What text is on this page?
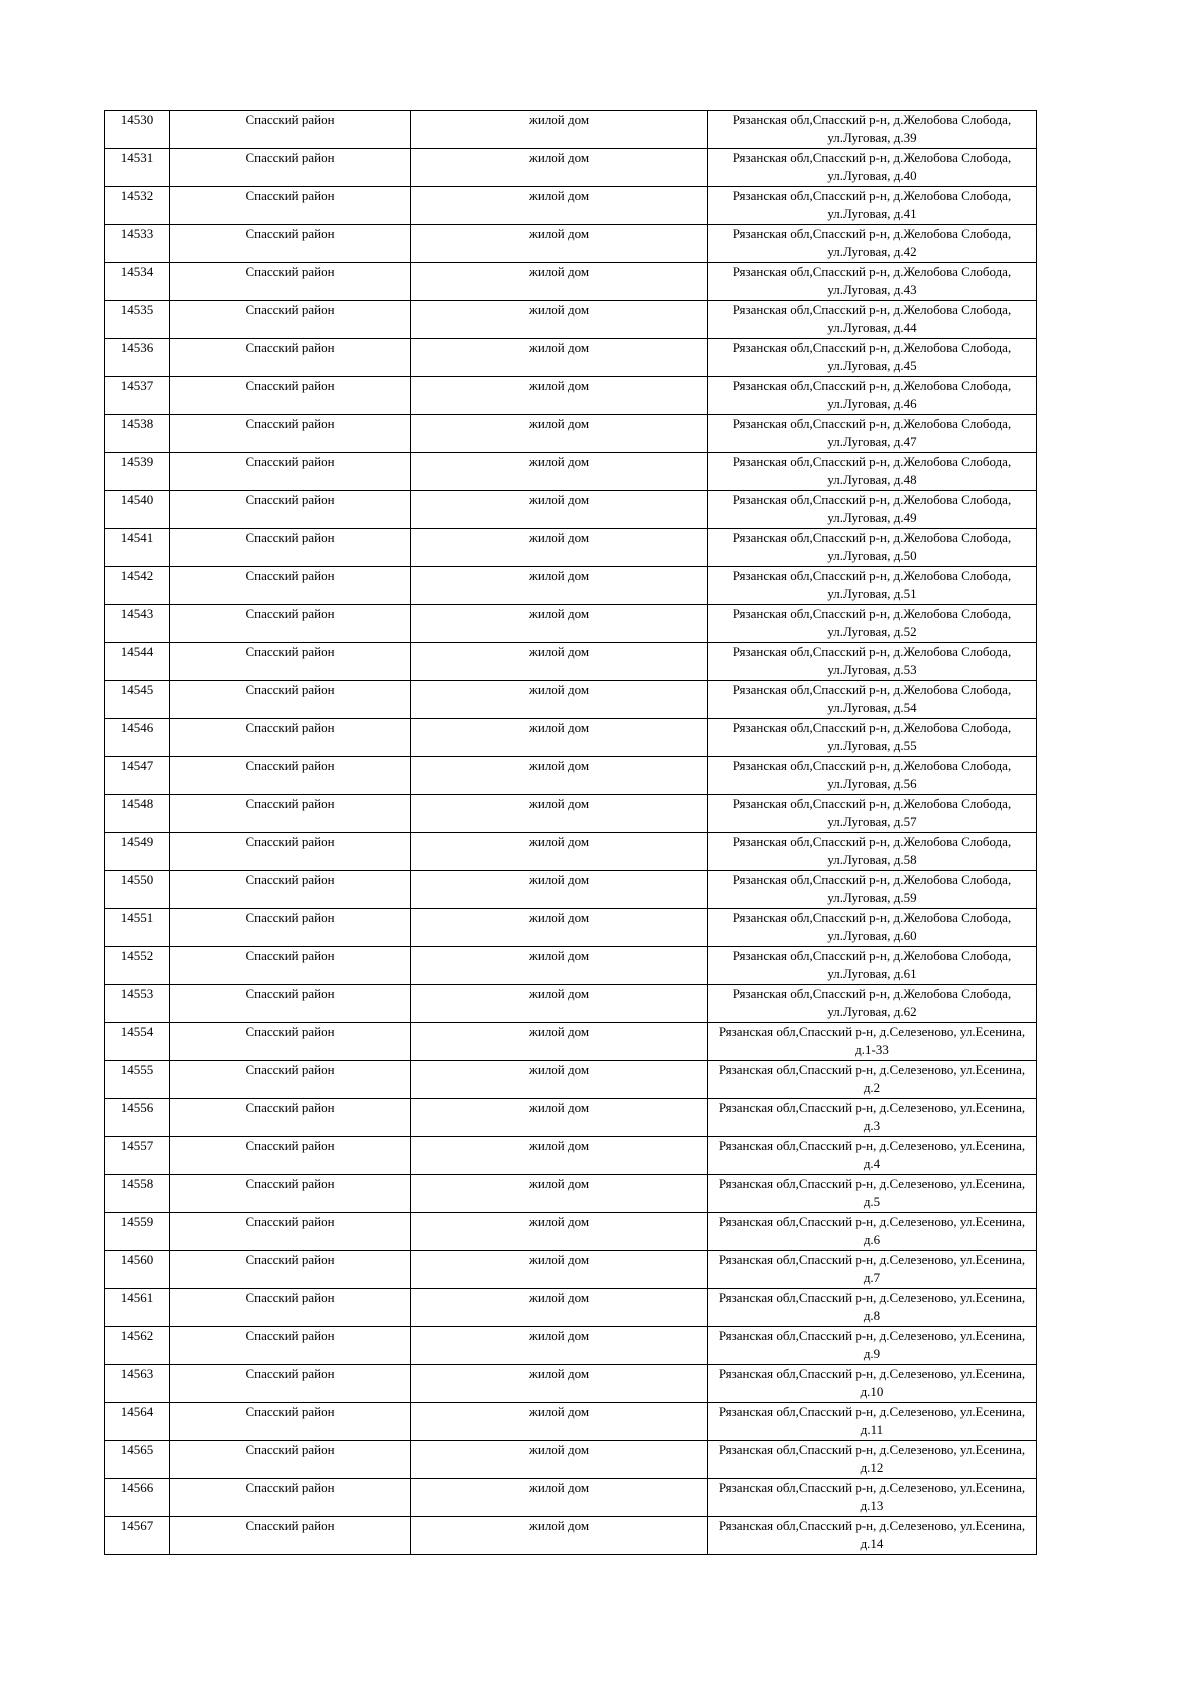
14530	Спасский район	жилой дом	Рязанская обл,Спасский р-н, д.Желобова Слобода, ул.Луговая, д.39

14531	Спасский район	жилой дом	Рязанская обл,Спасский р-н, д.Желобова Слобода, ул.Луговая, д.40

14532	Спасский район	жилой дом	Рязанская обл,Спасский р-н, д.Желобова Слобода, ул.Луговая, д.41

14533	Спасский район	жилой дом	Рязанская обл,Спасский р-н, д.Желобова Слобода, ул.Луговая, д.42

14534	Спасский район	жилой дом	Рязанская обл,Спасский р-н, д.Желобова Слобода, ул.Луговая, д.43

14535	Спасский район	жилой дом	Рязанская обл,Спасский р-н, д.Желобова Слобода, ул.Луговая, д.44

14536	Спасский район	жилой дом	Рязанская обл,Спасский р-н, д.Желобова Слобода, ул.Луговая, д.45

14537	Спасский район	жилой дом	Рязанская обл,Спасский р-н, д.Желобова Слобода, ул.Луговая, д.46

14538	Спасский район	жилой дом	Рязанская обл,Спасский р-н, д.Желобова Слобода, ул.Луговая, д.47

14539	Спасский район	жилой дом	Рязанская обл,Спасский р-н, д.Желобова Слобода, ул.Луговая, д.48

14540	Спасский район	жилой дом	Рязанская обл,Спасский р-н, д.Желобова Слобода, ул.Луговая, д.49

14541	Спасский район	жилой дом	Рязанская обл,Спасский р-н, д.Желобова Слобода, ул.Луговая, д.50

14542	Спасский район	жилой дом	Рязанская обл,Спасский р-н, д.Желобова Слобода, ул.Луговая, д.51

14543	Спасский район	жилой дом	Рязанская обл,Спасский р-н, д.Желобова Слобода, ул.Луговая, д.52

14544	Спасский район	жилой дом	Рязанская обл,Спасский р-н, д.Желобова Слобода, ул.Луговая, д.53

14545	Спасский район	жилой дом	Рязанская обл,Спасский р-н, д.Желобова Слобода, ул.Луговая, д.54

14546	Спасский район	жилой дом	Рязанская обл,Спасский р-н, д.Желобова Слобода, ул.Луговая, д.55

14547	Спасский район	жилой дом	Рязанская обл,Спасский р-н, д.Желобова Слобода, ул.Луговая, д.56

14548	Спасский район	жилой дом	Рязанская обл,Спасский р-н, д.Желобова Слобода, ул.Луговая, д.57

14549	Спасский район	жилой дом	Рязанская обл,Спасский р-н, д.Желобова Слобода, ул.Луговая, д.58

14550	Спасский район	жилой дом	Рязанская обл,Спасский р-н, д.Желобова Слобода, ул.Луговая, д.59

14551	Спасский район	жилой дом	Рязанская обл,Спасский р-н, д.Желобова Слобода, ул.Луговая, д.60

14552	Спасский район	жилой дом	Рязанская обл,Спасский р-н, д.Желобова Слобода, ул.Луговая, д.61

14553	Спасский район	жилой дом	Рязанская обл,Спасский р-н, д.Желобова Слобода, ул.Луговая, д.62

14554	Спасский район	жилой дом	Рязанская обл,Спасский р-н, д.Селезеново, ул.Есенина, д.1-33

14555	Спасский район	жилой дом	Рязанская обл,Спасский р-н, д.Селезеново, ул.Есенина, д.2

14556	Спасский район	жилой дом	Рязанская обл,Спасский р-н, д.Селезеново, ул.Есенина, д.3

14557	Спасский район	жилой дом	Рязанская обл,Спасский р-н, д.Селезеново, ул.Есенина, д.4

14558	Спасский район	жилой дом	Рязанская обл,Спасский р-н, д.Селезеново, ул.Есенина, д.5

14559	Спасский район	жилой дом	Рязанская обл,Спасский р-н, д.Селезеново, ул.Есенина, д.6

14560	Спасский район	жилой дом	Рязанская обл,Спасский р-н, д.Селезеново, ул.Есенина, д.7

14561	Спасский район	жилой дом	Рязанская обл,Спасский р-н, д.Селезеново, ул.Есенина, д.8

14562	Спасский район	жилой дом	Рязанская обл,Спасский р-н, д.Селезеново, ул.Есенина, д.9

14563	Спасский район	жилой дом	Рязанская обл,Спасский р-н, д.Селезеново, ул.Есенина, д.10

14564	Спасский район	жилой дом	Рязанская обл,Спасский р-н, д.Селезеново, ул.Есенина, д.11

14565	Спасский район	жилой дом	Рязанская обл,Спасский р-н, д.Селезеново, ул.Есенина, д.12

14566	Спасский район	жилой дом	Рязанская обл,Спасский р-н, д.Селезеново, ул.Есенина, д.13

14567	Спасский район	жилой дом	Рязанская обл,Спасский р-н, д.Селезеново, ул.Есенина, д.14
